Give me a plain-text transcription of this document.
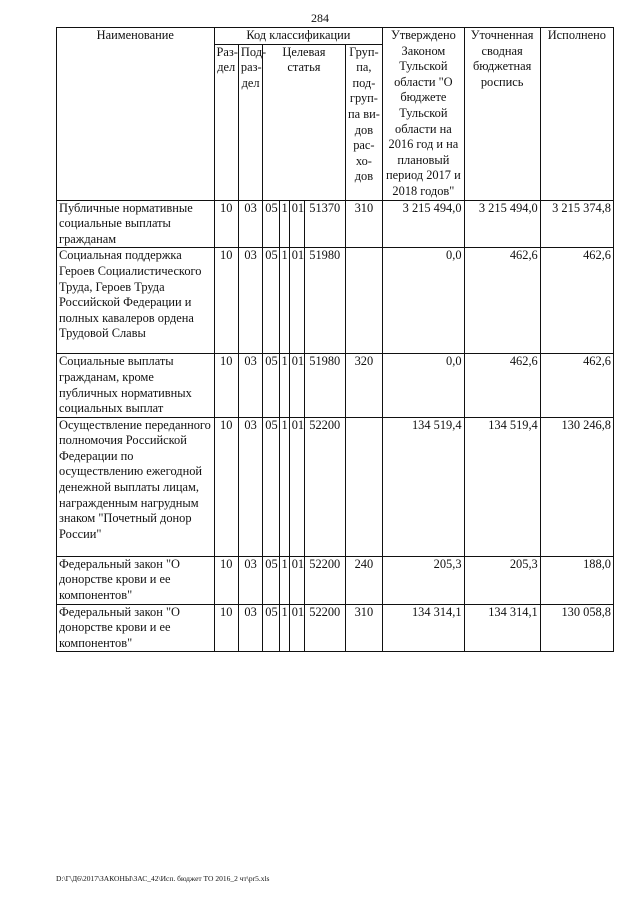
284
Наименование	Код классификации							Утверждено Законом Тульской области "О бюджете Тульской области на 2016 год и на плановый период 2017 и 2018 годов"	Уточненная сводная бюджетная роспись	Исполнено
	Раз-дел	Под-раз-дел	Целевая статья				Груп-па, под-груп-па ви-дов рас-хо-дов			
Публичные нормативные социальные выплаты гражданам	10	03	05	1	01	51370	310	3 215 494,0	3 215 494,0	3 215 374,8
Социальная поддержка Героев Социалистического Труда, Героев Труда Российской Федерации и полных кавалеров ордена Трудовой Славы	10	03	05	1	01	51980		0,0	462,6	462,6
Социальные выплаты гражданам, кроме публичных нормативных социальных выплат	10	03	05	1	01	51980	320	0,0	462,6	462,6
Осуществление переданного полномочия Российской Федерации по осуществлению ежегодной денежной выплаты лицам, награжденным нагрудным знаком "Почетный донор России"	10	03	05	1	01	52200		134 519,4	134 519,4	130 246,8
Федеральный закон "О донорстве крови и ее компонентов"	10	03	05	1	01	52200	240	205,3	205,3	188,0
Федеральный закон "О донорстве крови и ее компонентов"	10	03	05	1	01	52200	310	134 314,1	134 314,1	130 058,8
D:\Г\Д6\2017\ЗАКОНЫ\ЗАС_42\Исп. бюджет ТО 2016_2 чт\pr5.xls
